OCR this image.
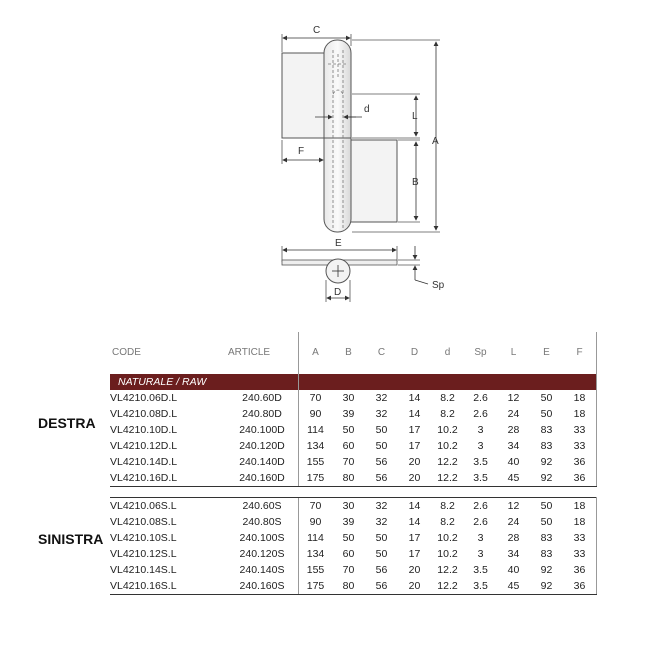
C
A
L
B
d
F
E
Sp
D
DESTRA
SINISTRA
CODE	ARTICLE	A	B	C	D	d	Sp	L	E	F
NATURALE / RAW										
VL4210.06D.L	240.60D	70	30	32	14	8.2	2.6	12	50	18
VL4210.08D.L	240.80D	90	39	32	14	8.2	2.6	24	50	18
VL4210.10D.L	240.100D	114	50	50	17	10.2	3	28	83	33
VL4210.12D.L	240.120D	134	60	50	17	10.2	3	34	83	33
VL4210.14D.L	240.140D	155	70	56	20	12.2	3.5	40	92	36
VL4210.16D.L	240.160D	175	80	56	20	12.2	3.5	45	92	36

VL4210.06S.L	240.60S	70	30	32	14	8.2	2.6	12	50	18
VL4210.08S.L	240.80S	90	39	32	14	8.2	2.6	24	50	18
VL4210.10S.L	240.100S	114	50	50	17	10.2	3	28	83	33
VL4210.12S.L	240.120S	134	60	50	17	10.2	3	34	83	33
VL4210.14S.L	240.140S	155	70	56	20	12.2	3.5	40	92	36
VL4210.16S.L	240.160S	175	80	56	20	12.2	3.5	45	92	36
